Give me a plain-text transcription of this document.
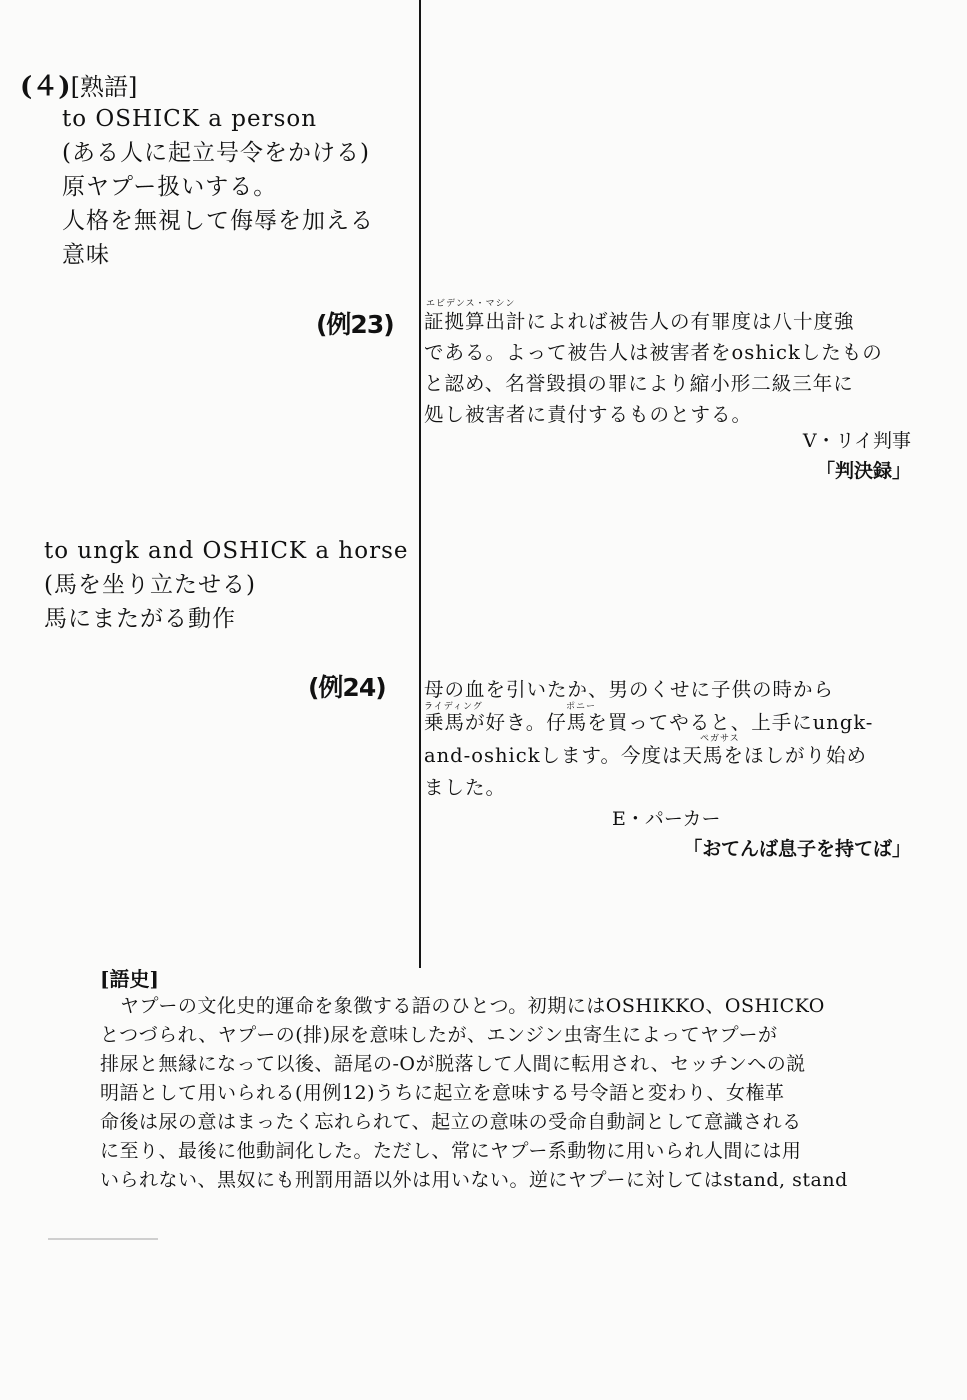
(４)[熟語]
to OSHICK a person
(ある人に起立号令をかける)
原ヤプー扱いする。
人格を無視して侮辱を加える
意味
(例23)
エビデンス・マシン
証拠算出計によれば被告人の有罪度は八十度強
である。よって被告人は被害者をoshickしたもの
と認め、名誉毀損の罪により縮小形二級三年に
処し被害者に責付するものとする。
V・リイ判事
「判決録」
to ungk and OSHICK a horse
(馬を坐り立たせる)
馬にまたがる動作
(例24) 母の血を引いたか、男のくせに子供の時から
ライディング	ポニー
乗馬が好き。仔馬を買ってやると、上手にungk-
ペガサス
and-oshickします。今度は天馬をほしがり始め
ました。
E・パーカー
「おてんば息子を持てば」
[語史]
ヤプーの文化史的運命を象徴する語のひとつ。初期にはOSHIKKO、OSHICKO
とつづられ、ヤプーの(排)尿を意味したが、エンジン虫寄生によってヤプーが
排尿と無縁になって以後、語尾の-Oが脱落して人間に転用され、セッチンへの説
明語として用いられる(用例12)うちに起立を意味する号令語と変わり、女権革
命後は尿の意はまったく忘れられて、起立の意味の受命自動詞として意識される
に至り、最後に他動詞化した。ただし、常にヤプー系動物に用いられ人間には用
いられない、黒奴にも刑罰用語以外は用いない。逆にヤプーに対してはstand, stand
